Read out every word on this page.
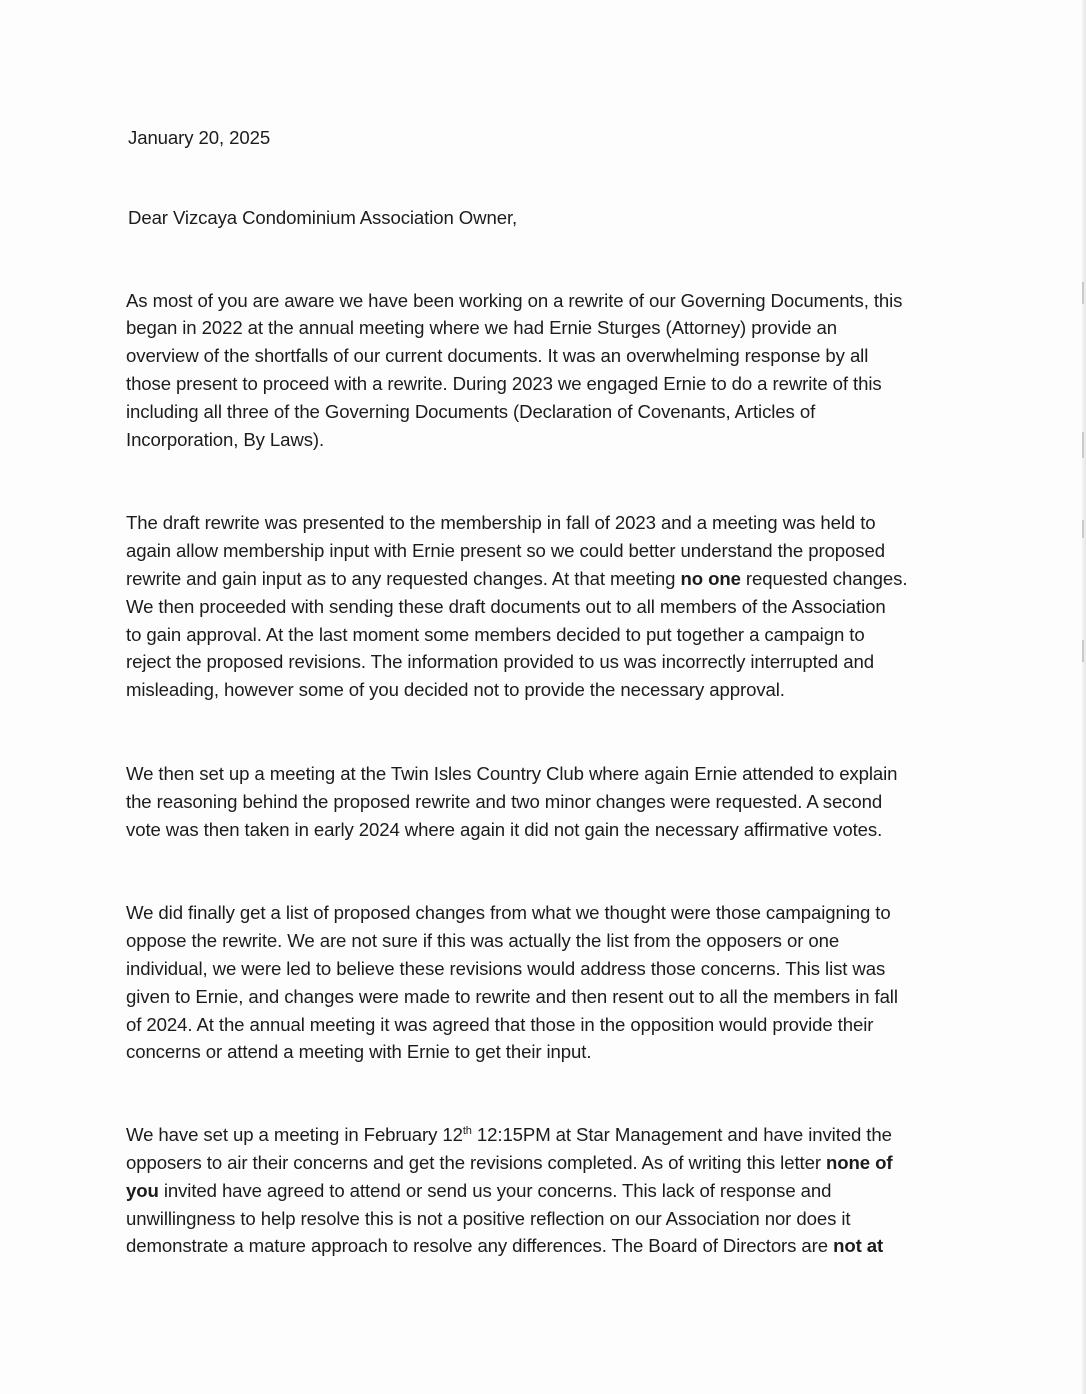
January 20, 2025

Dear Vizcaya Condominium Association Owner,

As most of you are aware we have been working on a rewrite of our Governing Documents, this
began in 2022 at the annual meeting where we had Ernie Sturges (Attorney) provide an
overview of the shortfalls of our current documents. It was an overwhelming response by all
those present to proceed with a rewrite. During 2023 we engaged Ernie to do a rewrite of this
including all three of the Governing Documents (Declaration of Covenants, Articles of
Incorporation, By Laws).

The draft rewrite was presented to the membership in fall of 2023 and a meeting was held to
again allow membership input with Ernie present so we could better understand the proposed
rewrite and gain input as to any requested changes. At that meeting no one requested changes.
We then proceeded with sending these draft documents out to all members of the Association
to gain approval. At the last moment some members decided to put together a campaign to
reject the proposed revisions. The information provided to us was incorrectly interrupted and
misleading, however some of you decided not to provide the necessary approval.

We then set up a meeting at the Twin Isles Country Club where again Ernie attended to explain
the reasoning behind the proposed rewrite and two minor changes were requested. A second
vote was then taken in early 2024 where again it did not gain the necessary affirmative votes.

We did finally get a list of proposed changes from what we thought were those campaigning to
oppose the rewrite. We are not sure if this was actually the list from the opposers or one
individual, we were led to believe these revisions would address those concerns. This list was
given to Ernie, and changes were made to rewrite and then resent out to all the members in fall
of 2024. At the annual meeting it was agreed that those in the opposition would provide their
concerns or attend a meeting with Ernie to get their input.

We have set up a meeting in February 12th 12:15PM at Star Management and have invited the
opposers to air their concerns and get the revisions completed. As of writing this letter none of
you invited have agreed to attend or send us your concerns. This lack of response and
unwillingness to help resolve this is not a positive reflection on our Association nor does it
demonstrate a mature approach to resolve any differences. The Board of Directors are not at
